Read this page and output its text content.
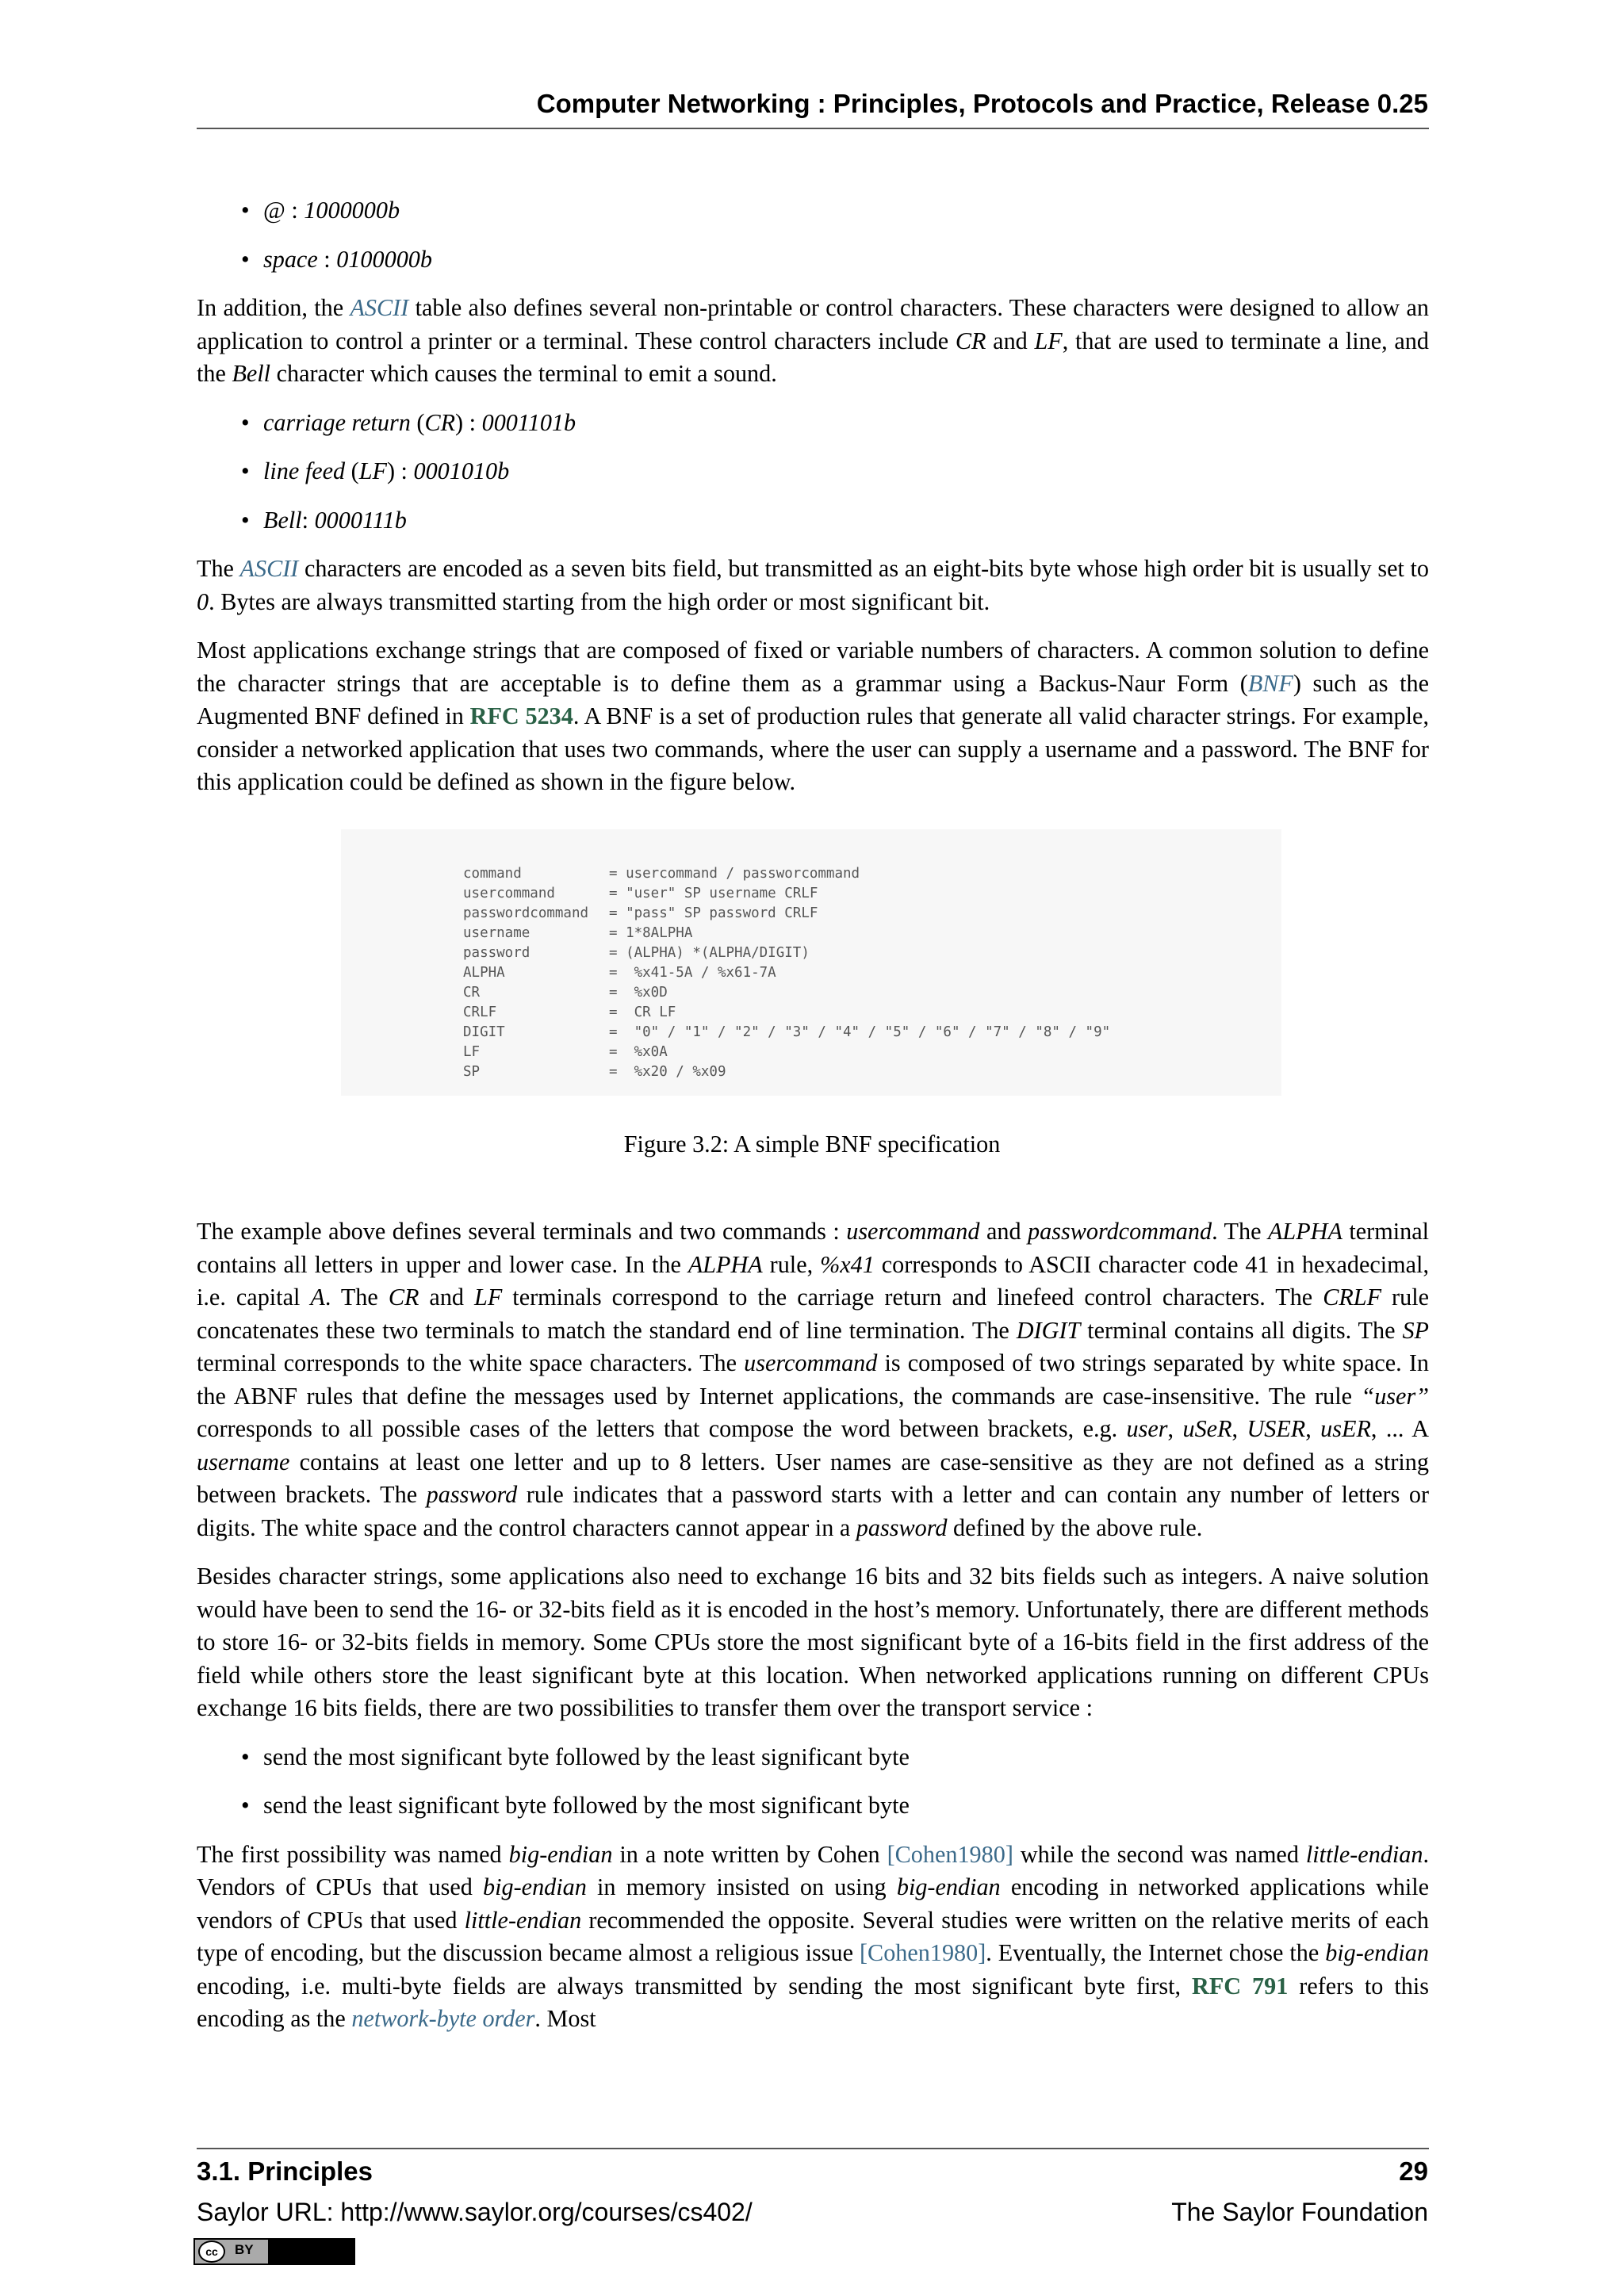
Computer Networking : Principles, Protocols and Practice, Release 0.25
• @ : 1000000b
• space : 0100000b

In addition, the ASCII table also defines several non-printable or control characters. These characters were designed to allow an application to control a printer or a terminal. These control characters include CR and LF, that are used to terminate a line, and the Bell character which causes the terminal to emit a sound.

• carriage return (CR) : 0001101b
• line feed (LF) : 0001010b
• Bell: 0000111b

The ASCII characters are encoded as a seven bits field, but transmitted as an eight-bits byte whose high order bit is usually set to 0. Bytes are always transmitted starting from the high order or most significant bit.

Most applications exchange strings that are composed of fixed or variable numbers of characters. A common solution to define the character strings that are acceptable is to define them as a grammar using a Backus-Naur Form (BNF) such as the Augmented BNF defined in RFC 5234. A BNF is a set of production rules that generate all valid character strings. For example, consider a networked application that uses two commands, where the user can supply a username and a password. The BNF for this application could be defined as shown in the figure below.

command	= usercommand / passworcommand
usercommand	= "user" SP username CRLF
passwordcommand = "pass" SP password CRLF
username	= 1*8ALPHA
password	= (ALPHA) *(ALPHA/DIGIT)
ALPHA	=  %x41-5A / %x61-7A
CR	=  %x0D
CRLF	=  CR LF
DIGIT	=  "0" / "1" / "2" / "3" / "4" / "5" / "6" / "7" / "8" / "9"
LF	=  %x0A
SP	=  %x20 / %x09
Figure 3.2: A simple BNF specification

The example above defines several terminals and two commands : usercommand and passwordcommand. The ALPHA terminal contains all letters in upper and lower case. In the ALPHA rule, %x41 corresponds to ASCII character code 41 in hexadecimal, i.e. capital A. The CR and LF terminals correspond to the carriage return and linefeed control characters. The CRLF rule concatenates these two terminals to match the standard end of line termination. The DIGIT terminal contains all digits. The SP terminal corresponds to the white space characters. The usercommand is composed of two strings separated by white space. In the ABNF rules that define the messages used by Internet applications, the commands are case-insensitive. The rule “user” corresponds to all possible cases of the letters that compose the word between brackets, e.g. user, uSeR, USER, usER, ... A username contains at least one letter and up to 8 letters. User names are case-sensitive as they are not defined as a string between brackets. The password rule indicates that a password starts with a letter and can contain any number of letters or digits. The white space and the control characters cannot appear in a password defined by the above rule.

Besides character strings, some applications also need to exchange 16 bits and 32 bits fields such as integers. A naive solution would have been to send the 16- or 32-bits field as it is encoded in the host’s memory. Unfortunately, there are different methods to store 16- or 32-bits fields in memory. Some CPUs store the most significant byte of a 16-bits field in the first address of the field while others store the least significant byte at this location. When networked applications running on different CPUs exchange 16 bits fields, there are two possibilities to transfer them over the transport service :

• send the most significant byte followed by the least significant byte
• send the least significant byte followed by the most significant byte

The first possibility was named big-endian in a note written by Cohen [Cohen1980] while the second was named little-endian. Vendors of CPUs that used big-endian in memory insisted on using big-endian encoding in networked applications while vendors of CPUs that used little-endian recommended the opposite. Several studies were written on the relative merits of each type of encoding, but the discussion became almost a religious issue [Cohen1980]. Eventually, the Internet chose the big-endian encoding, i.e. multi-byte fields are always transmitted by sending the most significant byte first, RFC 791 refers to this encoding as the network-byte order. Most

3.1. Principles	29
Saylor URL: http://www.saylor.org/courses/cs402/	The Saylor Foundation
cc	BY
